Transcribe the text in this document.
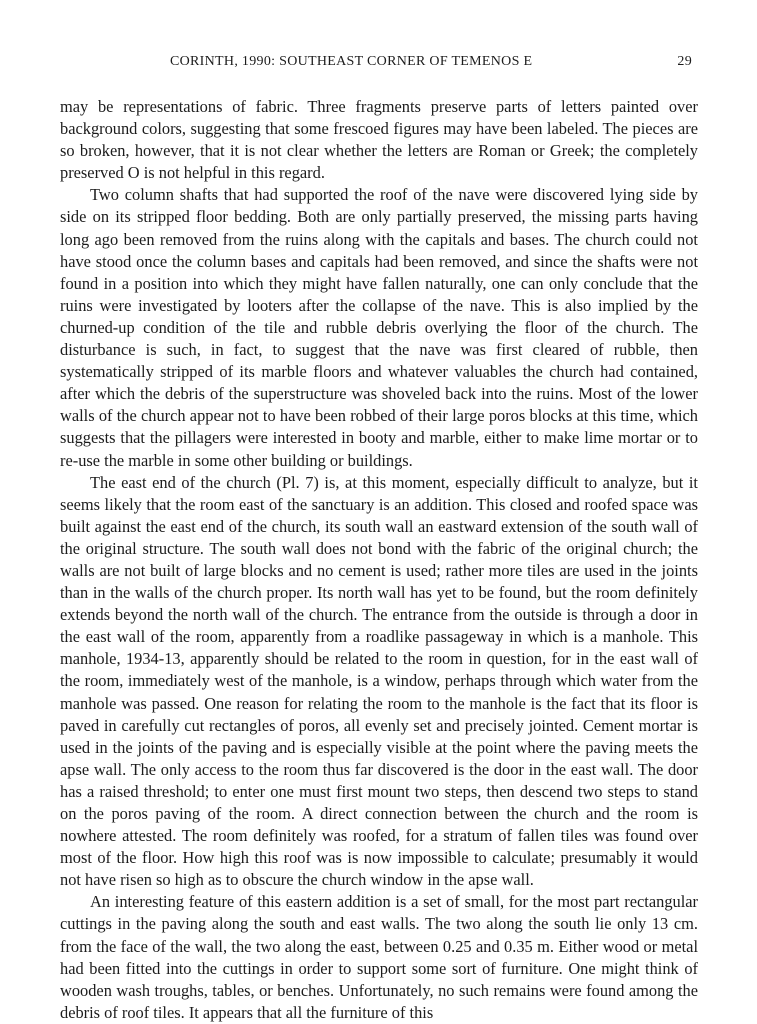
CORINTH, 1990: SOUTHEAST CORNER OF TEMENOS E	29

may be representations of fabric. Three fragments preserve parts of letters painted over background colors, suggesting that some frescoed figures may have been labeled. The pieces are so broken, however, that it is not clear whether the letters are Roman or Greek; the completely preserved O is not helpful in this regard.

Two column shafts that had supported the roof of the nave were discovered lying side by side on its stripped floor bedding. Both are only partially preserved, the missing parts having long ago been removed from the ruins along with the capitals and bases. The church could not have stood once the column bases and capitals had been removed, and since the shafts were not found in a position into which they might have fallen naturally, one can only conclude that the ruins were investigated by looters after the collapse of the nave. This is also implied by the churned-up condition of the tile and rubble debris overlying the floor of the church. The disturbance is such, in fact, to suggest that the nave was first cleared of rubble, then systematically stripped of its marble floors and whatever valuables the church had contained, after which the debris of the superstructure was shoveled back into the ruins. Most of the lower walls of the church appear not to have been robbed of their large poros blocks at this time, which suggests that the pillagers were interested in booty and marble, either to make lime mortar or to re-use the marble in some other building or buildings.

The east end of the church (Pl. 7) is, at this moment, especially difficult to analyze, but it seems likely that the room east of the sanctuary is an addition. This closed and roofed space was built against the east end of the church, its south wall an eastward extension of the south wall of the original structure. The south wall does not bond with the fabric of the original church; the walls are not built of large blocks and no cement is used; rather more tiles are used in the joints than in the walls of the church proper. Its north wall has yet to be found, but the room definitely extends beyond the north wall of the church. The entrance from the outside is through a door in the east wall of the room, apparently from a roadlike passageway in which is a manhole. This manhole, 1934-13, apparently should be related to the room in question, for in the east wall of the room, immediately west of the manhole, is a window, perhaps through which water from the manhole was passed. One reason for relating the room to the manhole is the fact that its floor is paved in carefully cut rectangles of poros, all evenly set and precisely jointed. Cement mortar is used in the joints of the paving and is especially visible at the point where the paving meets the apse wall. The only access to the room thus far discovered is the door in the east wall. The door has a raised threshold; to enter one must first mount two steps, then descend two steps to stand on the poros paving of the room. A direct connection between the church and the room is nowhere attested. The room definitely was roofed, for a stratum of fallen tiles was found over most of the floor. How high this roof was is now impossible to calculate; presumably it would not have risen so high as to obscure the church window in the apse wall.

An interesting feature of this eastern addition is a set of small, for the most part rectangular cuttings in the paving along the south and east walls. The two along the south lie only 13 cm. from the face of the wall, the two along the east, between 0.25 and 0.35 m. Either wood or metal had been fitted into the cuttings in order to support some sort of furniture. One might think of wooden wash troughs, tables, or benches. Unfortunately, no such remains were found among the debris of roof tiles. It appears that all the furniture of this
